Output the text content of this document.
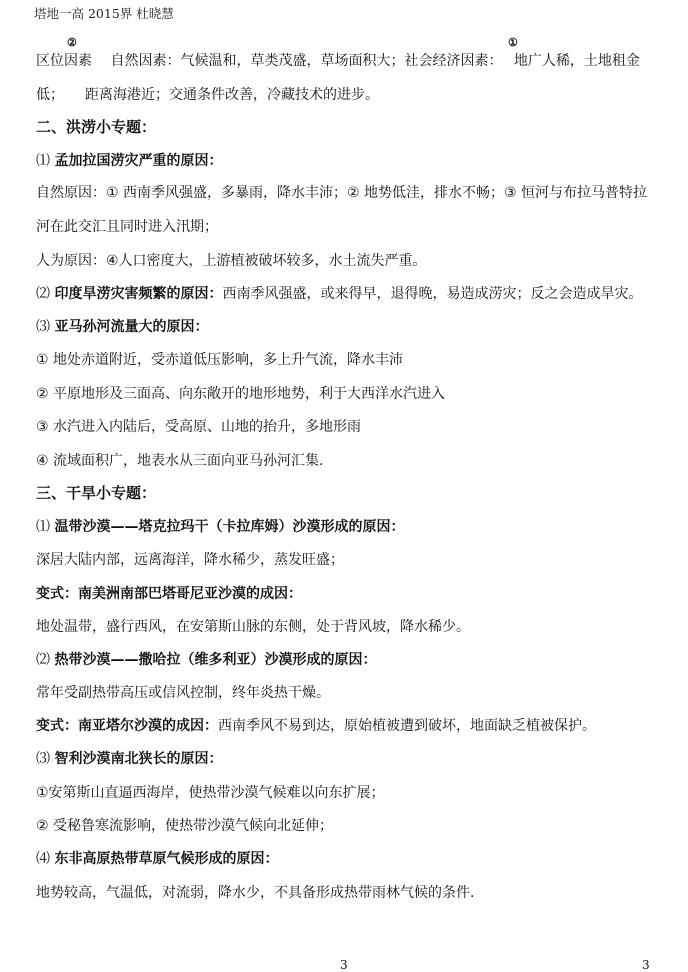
塔地一高 2015界 杜晓慧
②	①
区位因素　 自然因素：气候温和，草类茂盛，草场面积大；社会经济因素：　 地广人稀，土地租金
低；　　距离海港近；交通条件改善，冷藏技术的进步。
二、洪涝小专题：
⑴ 孟加拉国涝灾严重的原因：
自然原因：① 西南季风强盛，多暴雨，降水丰沛；② 地势低洼，排水不畅；③ 恒河与布拉马普特拉
河在此交汇且同时进入汛期；
人为原因：④人口密度大，上游植被破坏较多，水土流失严重。
⑵ 印度旱涝灾害频繁的原因：西南季风强盛，或来得早，退得晚，易造成涝灾；反之会造成旱灾。
⑶ 亚马孙河流量大的原因：
① 地处赤道附近，受赤道低压影响，多上升气流，降水丰沛
② 平原地形及三面高、向东敞开的地形地势，利于大西洋水汽进入
③ 水汽进入内陆后，受高原、山地的抬升，多地形雨
④ 流域面积广，地表水从三面向亚马孙河汇集.
三、干旱小专题：
⑴ 温带沙漠——塔克拉玛干（卡拉库姆）沙漠形成的原因：
深居大陆内部，远离海洋，降水稀少，蒸发旺盛；
变式：南美洲南部巴塔哥尼亚沙漠的成因：
地处温带，盛行西风，在安第斯山脉的东侧，处于背风坡，降水稀少。
⑵ 热带沙漠——撒哈拉（维多利亚）沙漠形成的原因：
常年受副热带高压或信风控制，终年炎热干燥。
变式：南亚塔尔沙漠的成因：西南季风不易到达，原始植被遭到破坏，地面缺乏植被保护。
⑶ 智利沙漠南北狭长的原因：
①安第斯山直逼西海岸，使热带沙漠气候难以向东扩展；
② 受秘鲁寒流影响，使热带沙漠气候向北延伸；
⑷ 东非高原热带草原气候形成的原因：
地势较高，气温低，对流弱，降水少，不具备形成热带雨林气候的条件.
3	3
